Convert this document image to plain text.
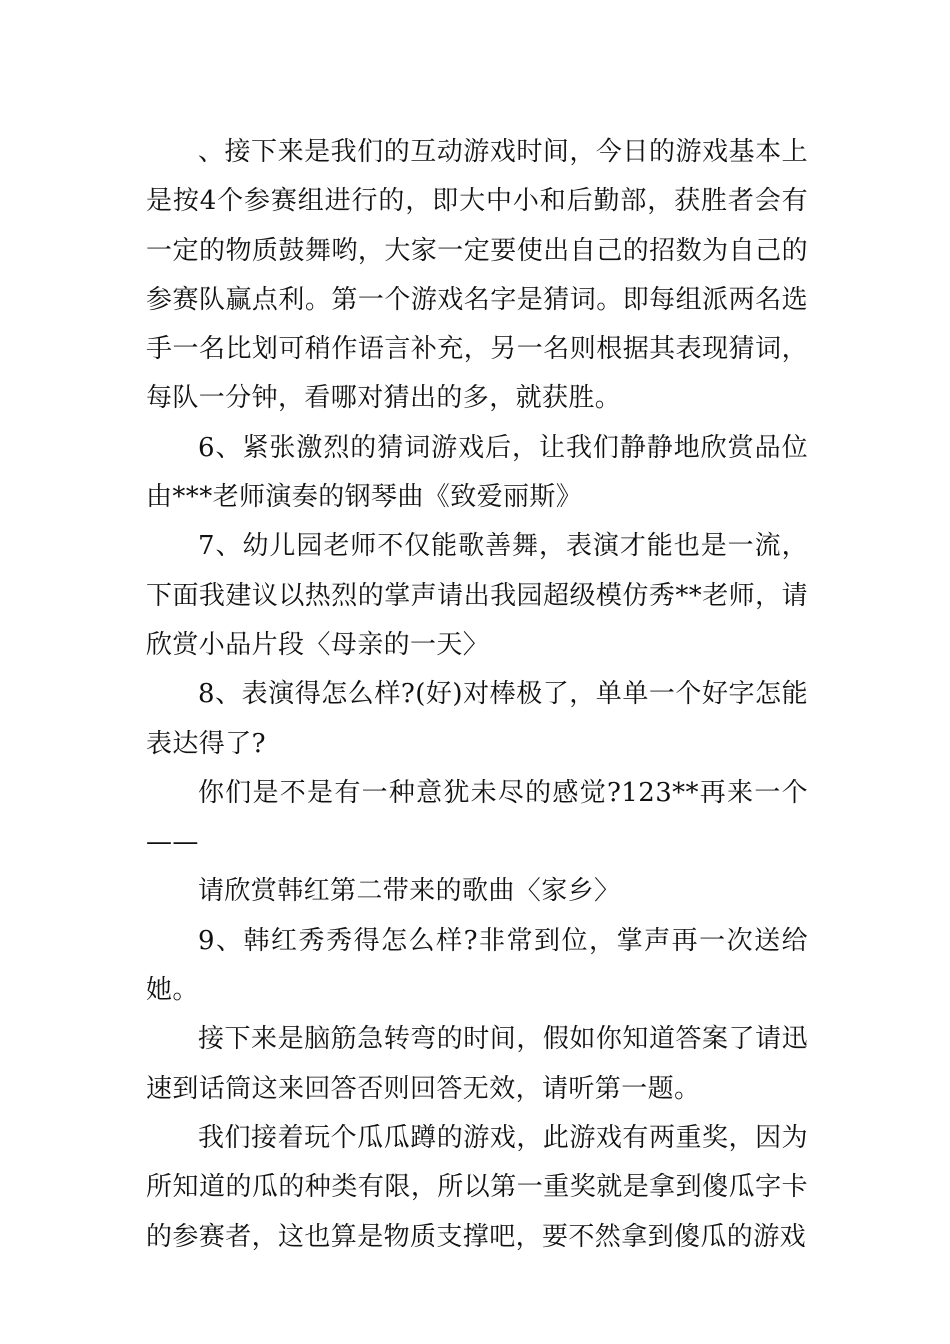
、接下来是我们的互动游戏时间，今日的游戏基本上是按4个参赛组进行的，即大中小和后勤部，获胜者会有一定的物质鼓舞哟，大家一定要使出自己的招数为自己的参赛队赢点利。第一个游戏名字是猜词。即每组派两名选手一名比划可稍作语言补充，另一名则根据其表现猜词，每队一分钟，看哪对猜出的多，就获胜。

6、紧张激烈的猜词游戏后，让我们静静地欣赏品位由***老师演奏的钢琴曲《致爱丽斯》

7、幼儿园老师不仅能歌善舞，表演才能也是一流，下面我建议以热烈的掌声请出我园超级模仿秀**老师，请欣赏小品片段〈母亲的一天〉

8、表演得怎么样?(好)对棒极了，单单一个好字怎能表达得了?

你们是不是有一种意犹未尽的感觉?123**再来一个——

请欣赏韩红第二带来的歌曲〈家乡〉

9、韩红秀秀得怎么样?非常到位，掌声再一次送给她。

接下来是脑筋急转弯的时间，假如你知道答案了请迅速到话筒这来回答否则回答无效，请听第一题。

我们接着玩个瓜瓜蹲的游戏，此游戏有两重奖，因为所知道的瓜的种类有限，所以第一重奖就是拿到傻瓜字卡的参赛者，这也算是物质支撑吧，要不然拿到傻瓜的游戏
